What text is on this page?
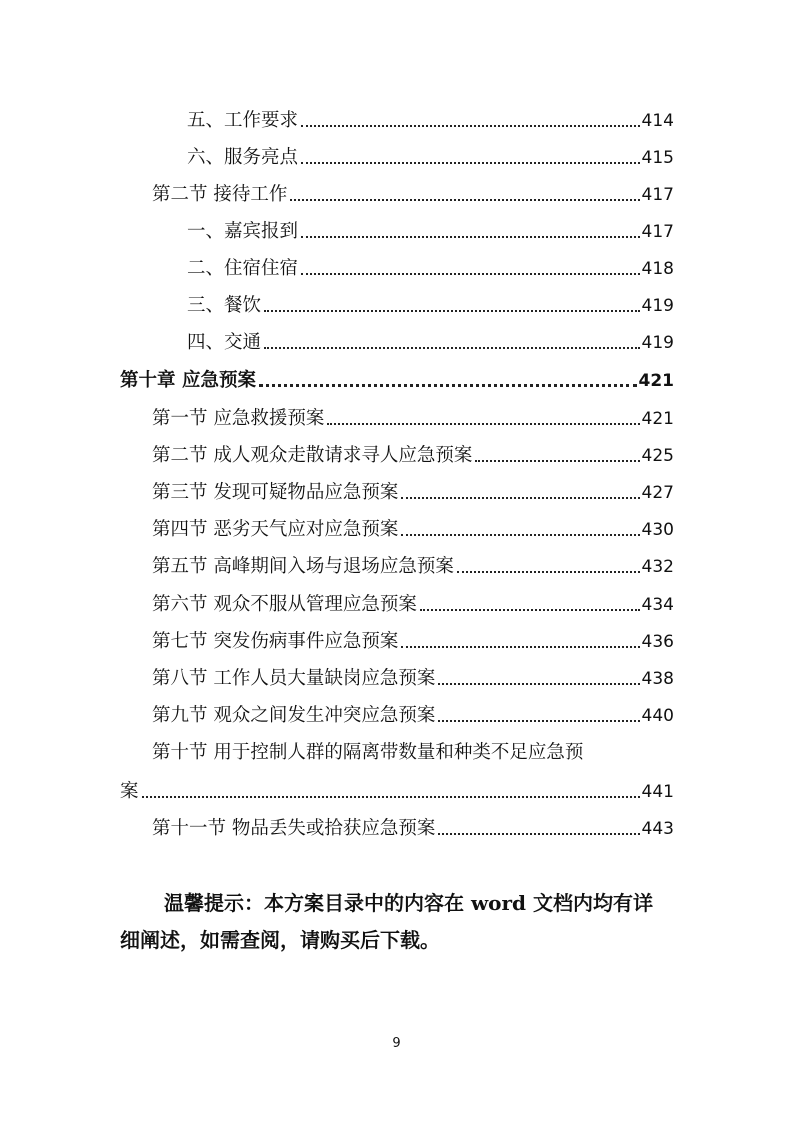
五、工作要求	414
六、服务亮点	415
第二节 接待工作	417
一、嘉宾报到	417
二、住宿住宿	418
三、餐饮	419
四、交通	419
第十章 应急预案	421
第一节 应急救援预案	421
第二节 成人观众走散请求寻人应急预案	425
第三节 发现可疑物品应急预案	427
第四节 恶劣天气应对应急预案	430
第五节 高峰期间入场与退场应急预案	432
第六节 观众不服从管理应急预案	434
第七节 突发伤病事件应急预案	436
第八节 工作人员大量缺岗应急预案	438
第九节 观众之间发生冲突应急预案	440
第十节 用于控制人群的隔离带数量和种类不足应急预
案	441
第十一节 物品丢失或拾获应急预案	443
温馨提示：本方案目录中的内容在 word 文档内均有详
细阐述，如需查阅，请购买后下载。
9
